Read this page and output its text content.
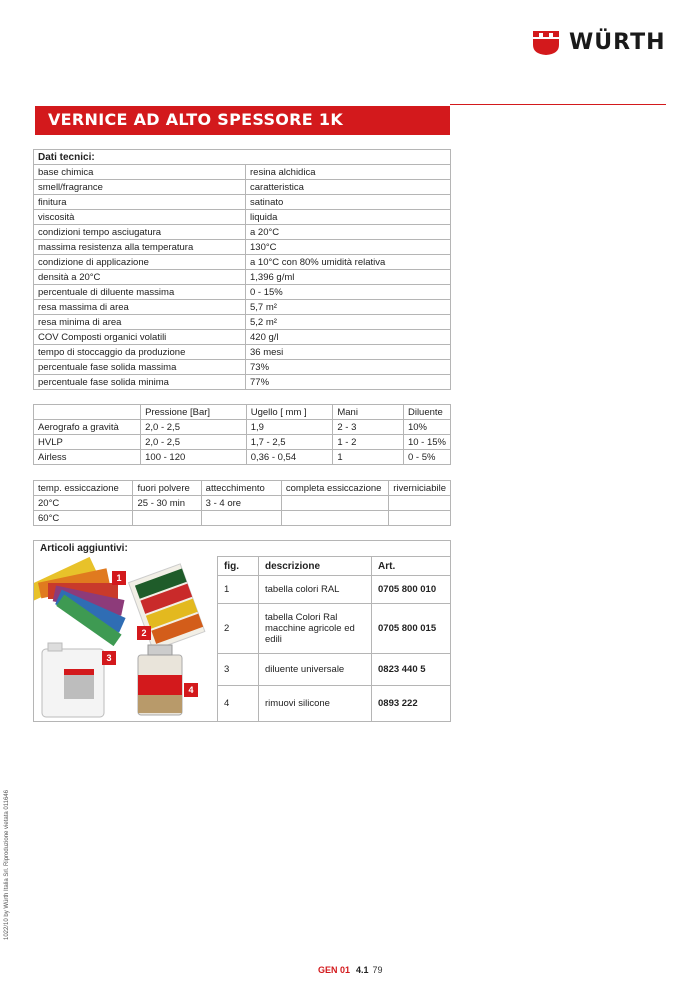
WÜRTH
VERNICE AD ALTO SPESSORE 1K
Dati tecnici:	
base chimica	resina alchidica
smell/fragrance	caratteristica
finitura	satinato
viscosità	liquida
condizioni tempo asciugatura	a 20°C
massima resistenza alla temperatura	130°C
condizione di applicazione	a 10°C con 80% umidità relativa
densità a 20°C	1,396 g/ml
percentuale di diluente massima	0 - 15%
resa massima di area	5,7 m²
resa minima di area	5,2 m²
COV Composti organici volatili	420 g/l
tempo di stoccaggio da produzione	36 mesi
percentuale fase solida massima	73%
percentuale fase solida minima	77%
	Pressione [Bar]	Ugello [ mm ]	Mani	Diluente
Aerografo a gravità	2,0 - 2,5	1,9	2 - 3	10%
HVLP	2,0 - 2,5	1,7 - 2,5	1 - 2	10 - 15%
Airless	100 - 120	0,36 - 0,54	1	0 - 5%
temp. essiccazione	fuori polvere	attecchimento	completa essiccazione	riverniciabile
20°C	25 - 30 min	3 - 4 ore		
60°C				
Articoli aggiuntivi:
1
2
3
4
fig.	descrizione	Art.
1	tabella colori RAL	0705 800 010
2	tabella Colori Ral macchine agricole ed edili	0705 800 015
3	diluente universale	0823 440 5
4	rimuovi silicone	0893 222
1022/10 by Würth Italia Srl. Riproduzione vietata 011646
GEN 01 4.1 79
